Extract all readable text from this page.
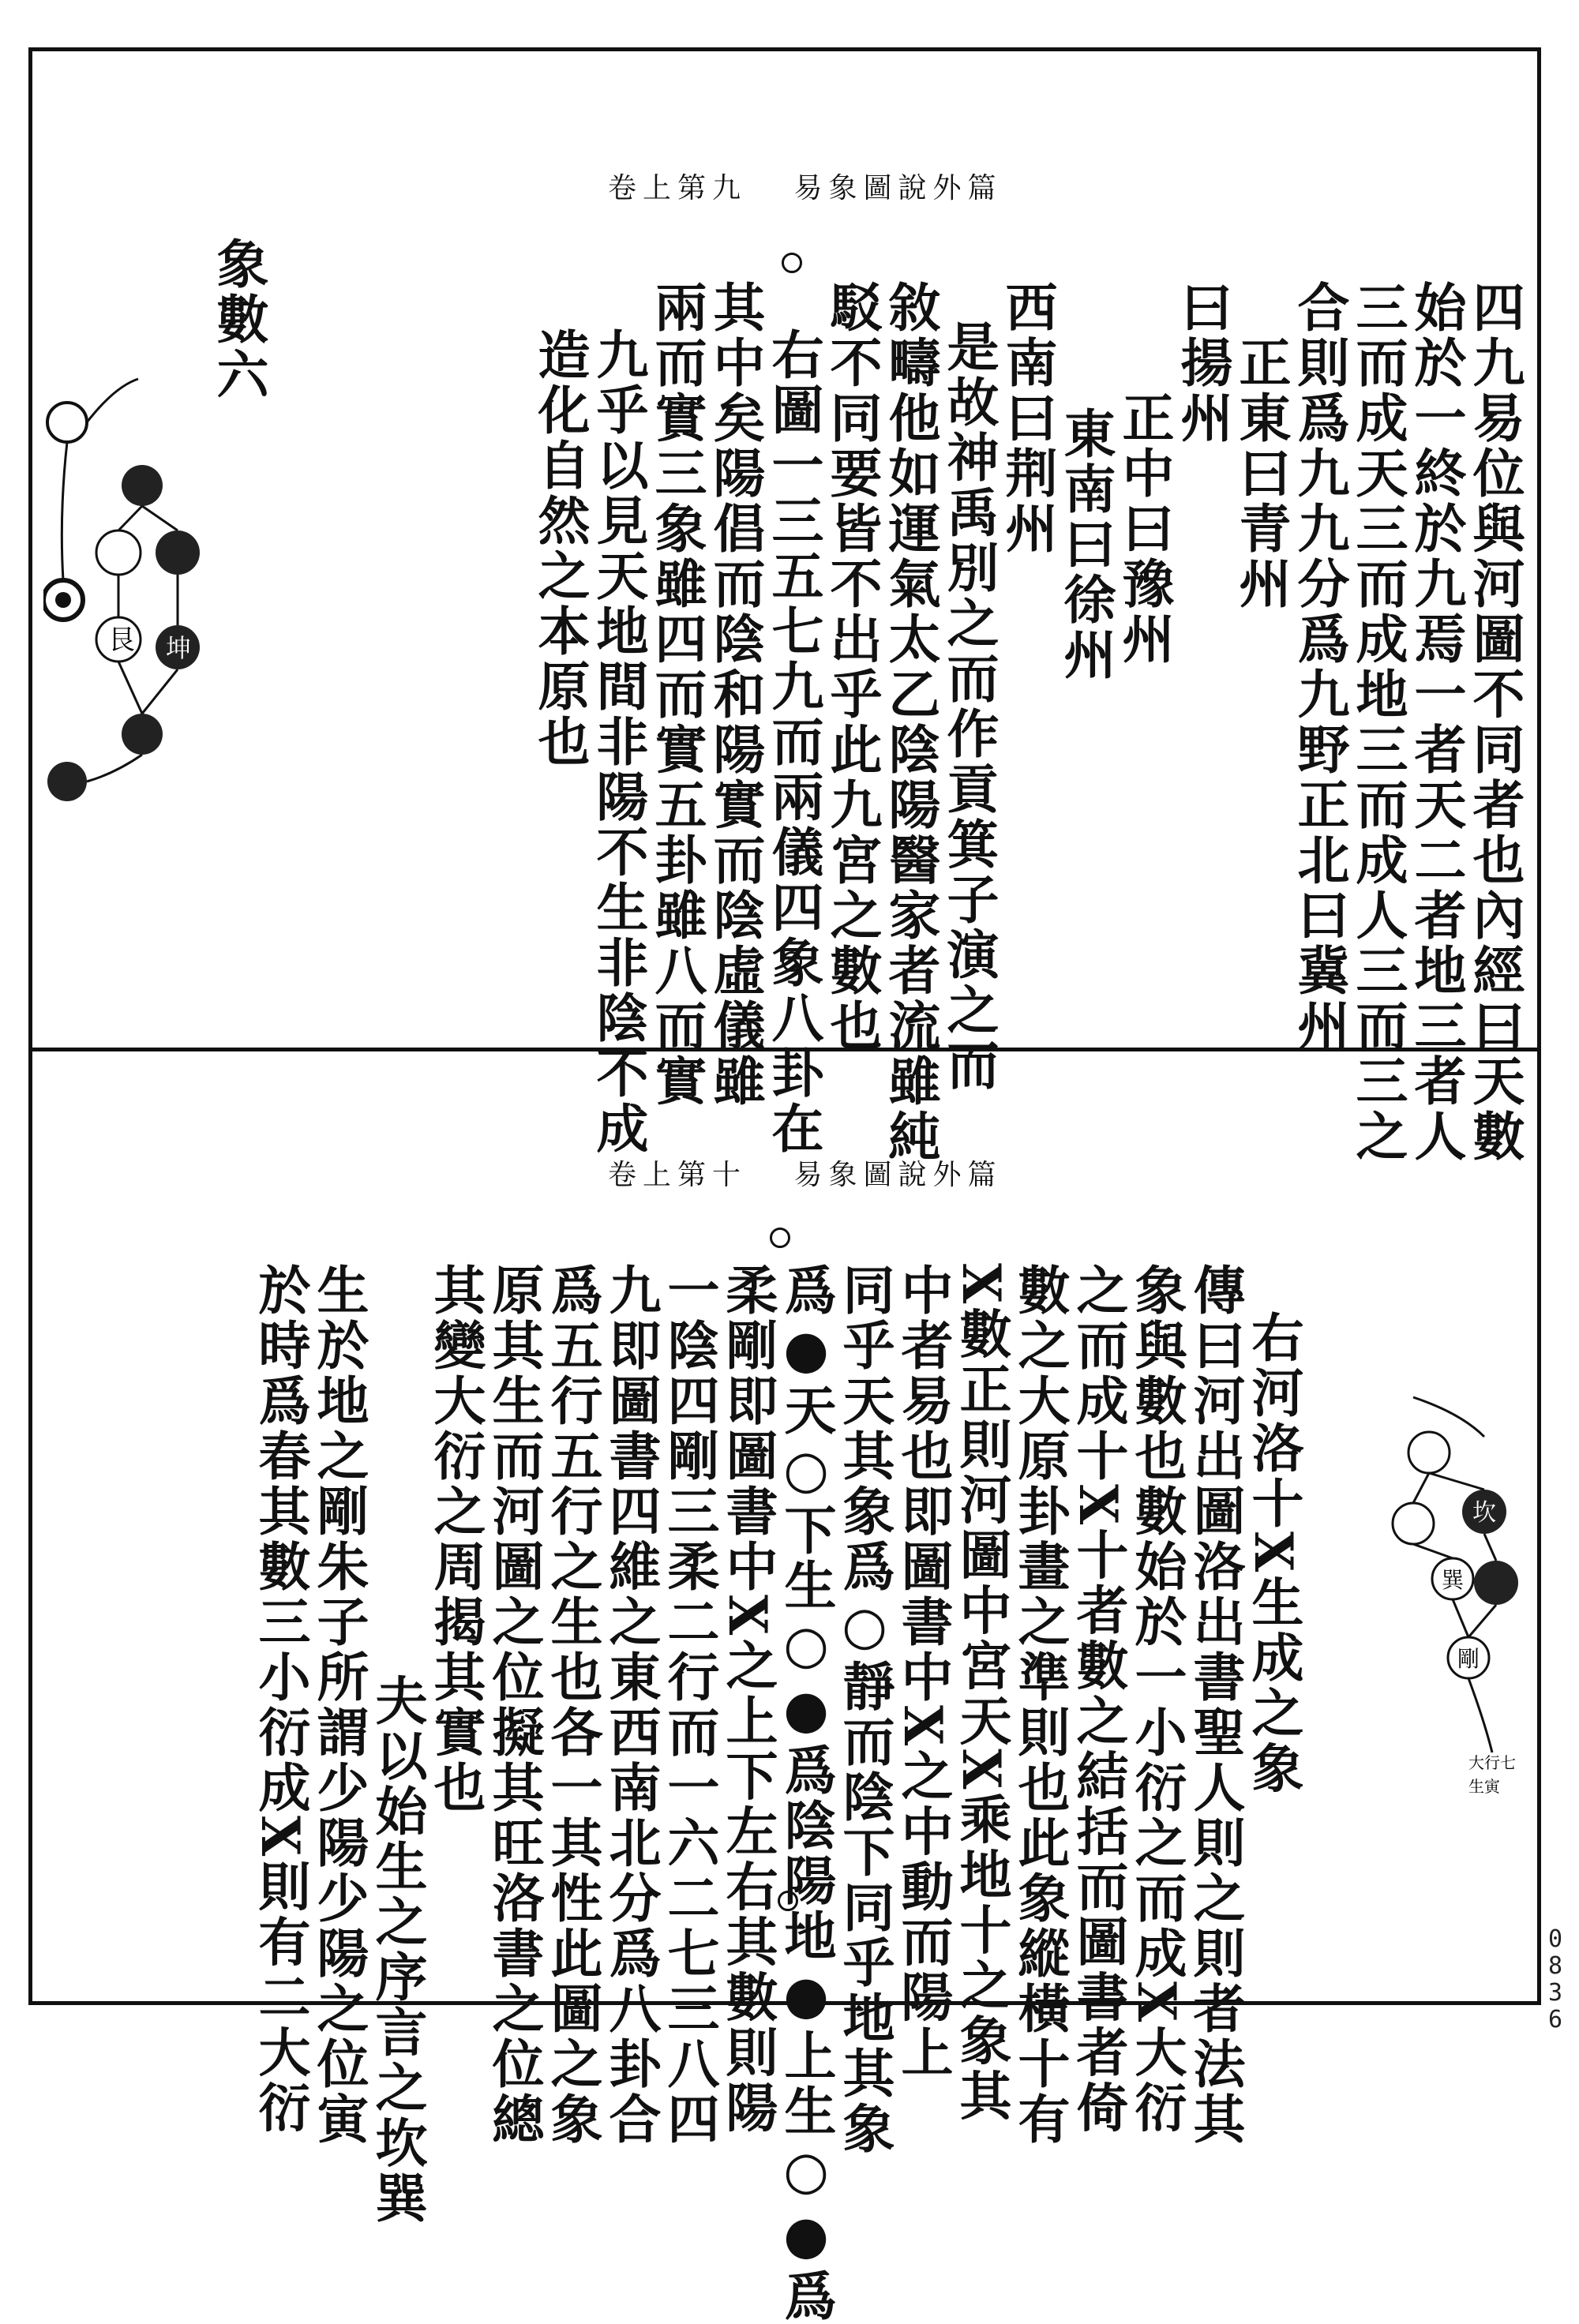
卷上第九 易象圖說外篇
四九易位與河圖不同者也內經曰天數
始於一終於九焉一者天二者地三者人
三而成天三而成地三而成人三而三之
合則爲九九分爲九野正北曰冀州
正東曰青州
曰揚州
正中曰豫州
東南曰徐州
西南曰荆州
是故神禹別之而作貢箕子演之而
敘疇他如運氣太乙陰陽醫家者流雖純
駁不同要皆不出乎此九宮之數也
右圖一三五七九而兩儀四象八卦在
其中矣陽倡而陰和陽實而陰虛儀雖
兩而實三象雖四而實五卦雖八而實
九乎以見天地間非陽不生非陰不成
造化自然之本原也
象數六
艮 坤
卷上第十 易象圖說外篇
右河洛十X生成之象
傳曰河出圖洛出書聖人則之則者法其
象與數也數始於一小衍之而成X大衍
之而成十X十者數之結括而圖書者倚
數之大原卦畫之準則也此象縱橫十有
X數正則河圖中宮天X乘地十之象其
中者易也即圖書中X之中動而陽上
同乎天其象爲○靜而陰下同乎地其象
爲●天○下生○●爲陰陽地●上生○●爲
柔剛即圖書中X之上下左右其數則陽
一陰四剛三柔二行而一六二七三八四
九即圖書四維之東西南北分爲八卦合
爲五行五行之生也各一其性此圖之象
原其生而河圖之位擬其旺洛書之位總
其變大衍之周揭其實也
夫以始生之序言之坎巽
生於地之剛朱子所謂少陽少陽之位寅
於時爲春其數三小衍成X則有二大衍	坎
巽
剛
大行七
生寅
0
8
3
6
